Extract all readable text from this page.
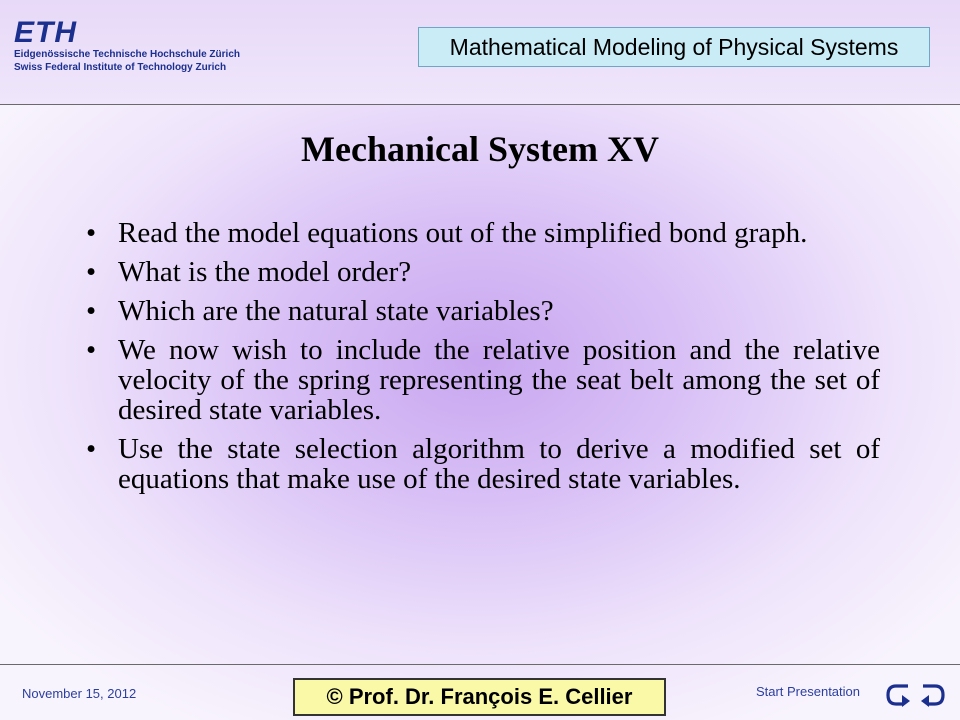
ETH
Eidgenössische Technische Hochschule Zürich
Swiss Federal Institute of Technology Zurich
Mathematical Modeling of Physical Systems
Mechanical System XV
• Read the model equations out of the simplified bond graph.
• What is the model order?
• Which are the natural state variables?
• We now wish to include the relative position and the relative velocity of the spring representing the seat belt among the set of desired state variables.
• Use the state selection algorithm to derive a modified set of equations that make use of the desired state variables.
November 15, 2012	© Prof. Dr. François E. Cellier	Start Presentation
